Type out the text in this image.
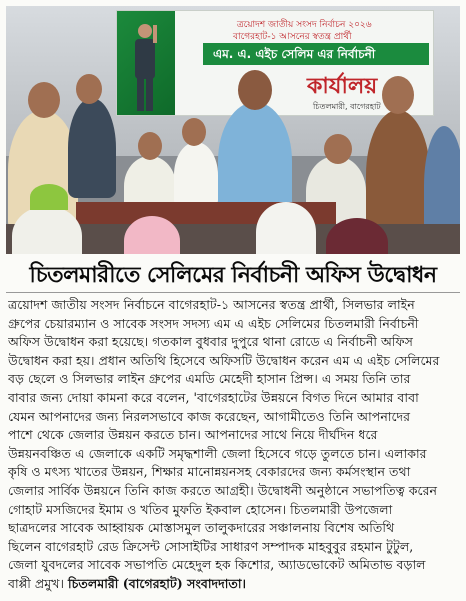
ত্রয়োদশ জাতীয় সংসদ নির্বাচন ২০২৬
বাগেরহাট-১ আসনের স্বতন্ত্র প্রার্থী
এম. এ. এইচ সেলিম এর নির্বাচনী
কার্যালয়
চিতলমারী, বাগেরহাট
চিতলমারীতে সেলিমের নির্বাচনী অফিস উদ্বোধন
ত্রয়োদশ জাতীয় সংসদ নির্বাচনে বাগেরহাট-১ আসনের স্বতন্ত্র প্রার্থী, সিলভার লাইন
গ্রুপের চেয়ারম্যান ও সাবেক সংসদ সদস্য এম এ এইচ সেলিমের চিতলমারী নির্বাচনী
অফিস উদ্বোধন করা হয়েছে। গতকাল বুধবার দুপুরে থানা রোডে এ নির্বাচনী অফিস
উদ্বোধন করা হয়। প্রধান অতিথি হিসেবে অফিসটি উদ্বোধন করেন এম এ এইচ সেলিমের
বড় ছেলে ও সিলভার লাইন গ্রুপের এমডি মেহেদী হাসান প্রিন্স। এ সময় তিনি তার
বাবার জন্য দোয়া কামনা করে বলেন, 'বাগেরহাটের উন্নয়নে বিগত দিনে আমার বাবা
যেমন আপনাদের জন্য নিরলসভাবে কাজ করেছেন, আগামীতেও তিনি আপনাদের
পাশে থেকে জেলার উন্নয়ন করতে চান। আপনাদের সাথে নিয়ে দীর্ঘদিন ধরে
উন্নয়নবঞ্চিত এ জেলাকে একটি সমৃদ্ধশালী জেলা হিসেবে গড়ে তুলতে চান। এলাকার
কৃষি ও মৎস্য খাতের উন্নয়ন, শিক্ষার মানোন্নয়নসহ বেকারদের জন্য কর্মসংস্থান তথা
জেলার সার্বিক উন্নয়নে তিনি কাজ করতে আগ্রহী। উদ্বোধনী অনুষ্ঠানে সভাপতিত্ব করেন
গোহাট মসজিদের ইমাম ও খতিব মুফতি ইকবাল হোসেন। চিতলমারী উপজেলা
ছাত্রদলের সাবেক আহ্বায়ক মোস্তাসমুল তালুকদারের সঞ্চালনায় বিশেষ অতিথি
ছিলেন বাগেরহাট রেড ক্রিসেন্ট সোসাইটির সাধারণ সম্পাদক মাহবুবুর রহমান টুটুল,
জেলা যুবদলের সাবেক সভাপতি মেহেদুল হক কিশোর, অ্যাডভোকেট অমিতাভ বড়াল
বাপ্পী প্রমুখ। চিতলমারী (বাগেরহাট) সংবাদদাতা।
